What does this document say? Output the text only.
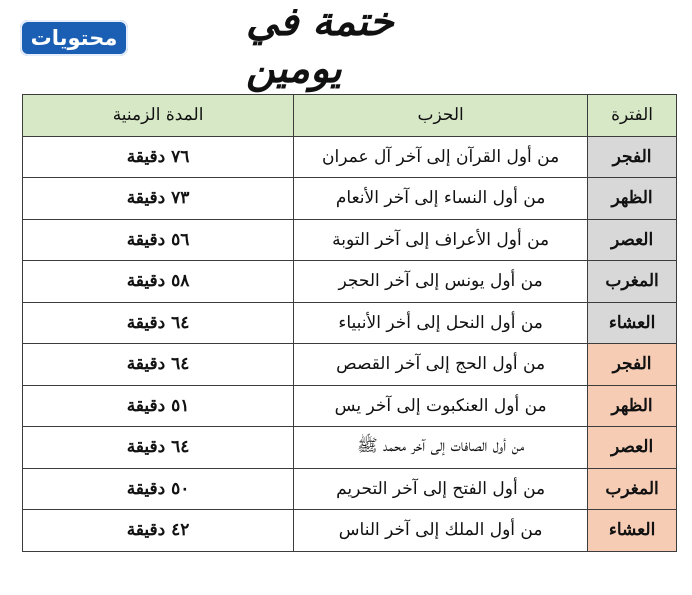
محتويات	ختمة في يومين
الفترة	الحزب	المدة الزمنية
الفجر	من أول القرآن إلى آخر آل عمران	٧٦ دقيقة
الظهر	من أول النساء إلى آخر الأنعام	٧٣ دقيقة
العصر	من أول الأعراف إلى آخر التوبة	٥٦ دقيقة
المغرب	من أول يونس إلى آخر الحجر	٥٨ دقيقة
العشاء	من أول النحل إلى أخر الأنبياء	٦٤ دقيقة
الفجر	من أول الحج إلى آخر القصص	٦٤ دقيقة
الظهر	من أول العنكبوت إلى آخر يس	٥١ دقيقة
العصر	من أول الصافات إلى آخر محمد ﷺ	٦٤ دقيقة
المغرب	من أول الفتح إلى آخر التحريم	٥٠ دقيقة
العشاء	من أول الملك إلى آخر الناس	٤٢ دقيقة
